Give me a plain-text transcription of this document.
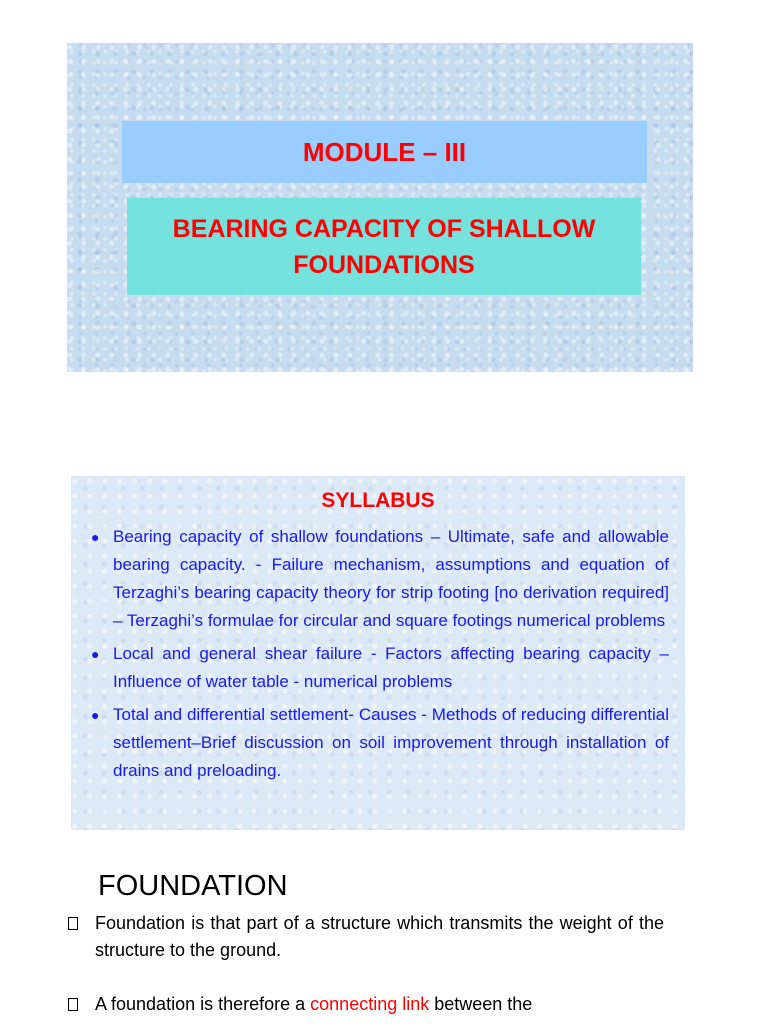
MODULE – III
BEARING CAPACITY OF SHALLOW FOUNDATIONS
SYLLABUS
● Bearing capacity of shallow foundations – Ultimate, safe and allowable bearing capacity. - Failure mechanism, assumptions and equation of Terzaghi’s bearing capacity theory for strip footing [no derivation required] – Terzaghi’s formulae for circular and square footings numerical problems
● Local and general shear failure - Factors affecting bearing capacity – Influence of water table - numerical problems
● Total and differential settlement- Causes - Methods of reducing differential settlement–Brief discussion on soil improvement through installation of drains and preloading.
FOUNDATION
Foundation is that part of a structure which transmits the weight of the structure to the ground.
A foundation is therefore a connecting link between the
